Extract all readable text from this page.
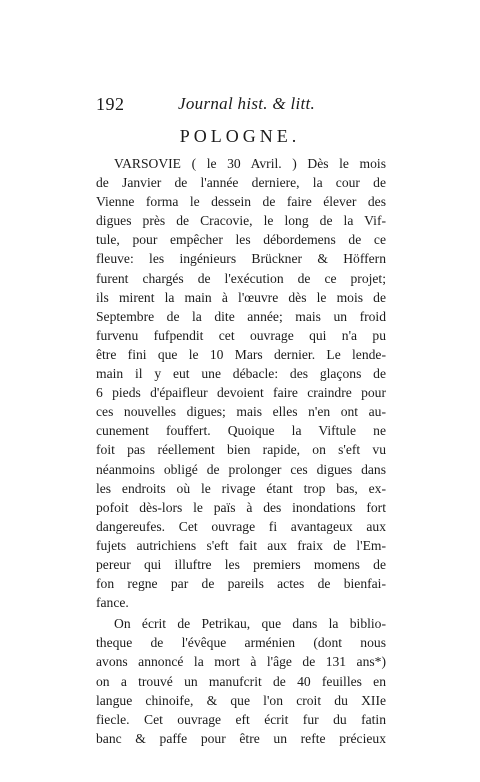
192	Journal hist. & litt.
POLOGNE.
VARSOVIE ( le 30 Avril. ) Dès le mois
de Janvier de l'année derniere, la cour de
Vienne forma le dessein de faire élever des
digues près de Cracovie, le long de la Vif-
tule, pour empêcher les débordemens de ce
fleuve: les ingénieurs Brückner & Höffern
furent chargés de l'exécution de ce projet;
ils mirent la main à l'œuvre dès le mois de
Septembre de la dite année; mais un froid
furvenu fufpendit cet ouvrage qui n'a pu
être fini que le 10 Mars dernier. Le lende-
main il y eut une débacle: des glaçons de
6 pieds d'épaifleur devoient faire craindre pour
ces nouvelles digues; mais elles n'en ont au-
cunement fouffert. Quoique la Viftule ne
foit pas réellement bien rapide, on s'eft vu
néanmoins obligé de prolonger ces digues dans
les endroits où le rivage étant trop bas, ex-
pofoit dès-lors le païs à des inondations fort
dangereufes. Cet ouvrage fi avantageux aux
fujets autrichiens s'eft fait aux fraix de l'Em-
pereur qui illuftre les premiers momens de
fon regne par de pareils actes de bienfai-
fance.
On écrit de Petrikau, que dans la biblio-
theque de l'évêque arménien (dont nous
avons annoncé la mort à l'âge de 131 ans*)
on a trouvé un manufcrit de 40 feuilles en
langue chinoife, & que l'on croit du XIIe
fiecle. Cet ouvrage eft écrit fur du fatin
banc & paffe pour être un refte précieux
